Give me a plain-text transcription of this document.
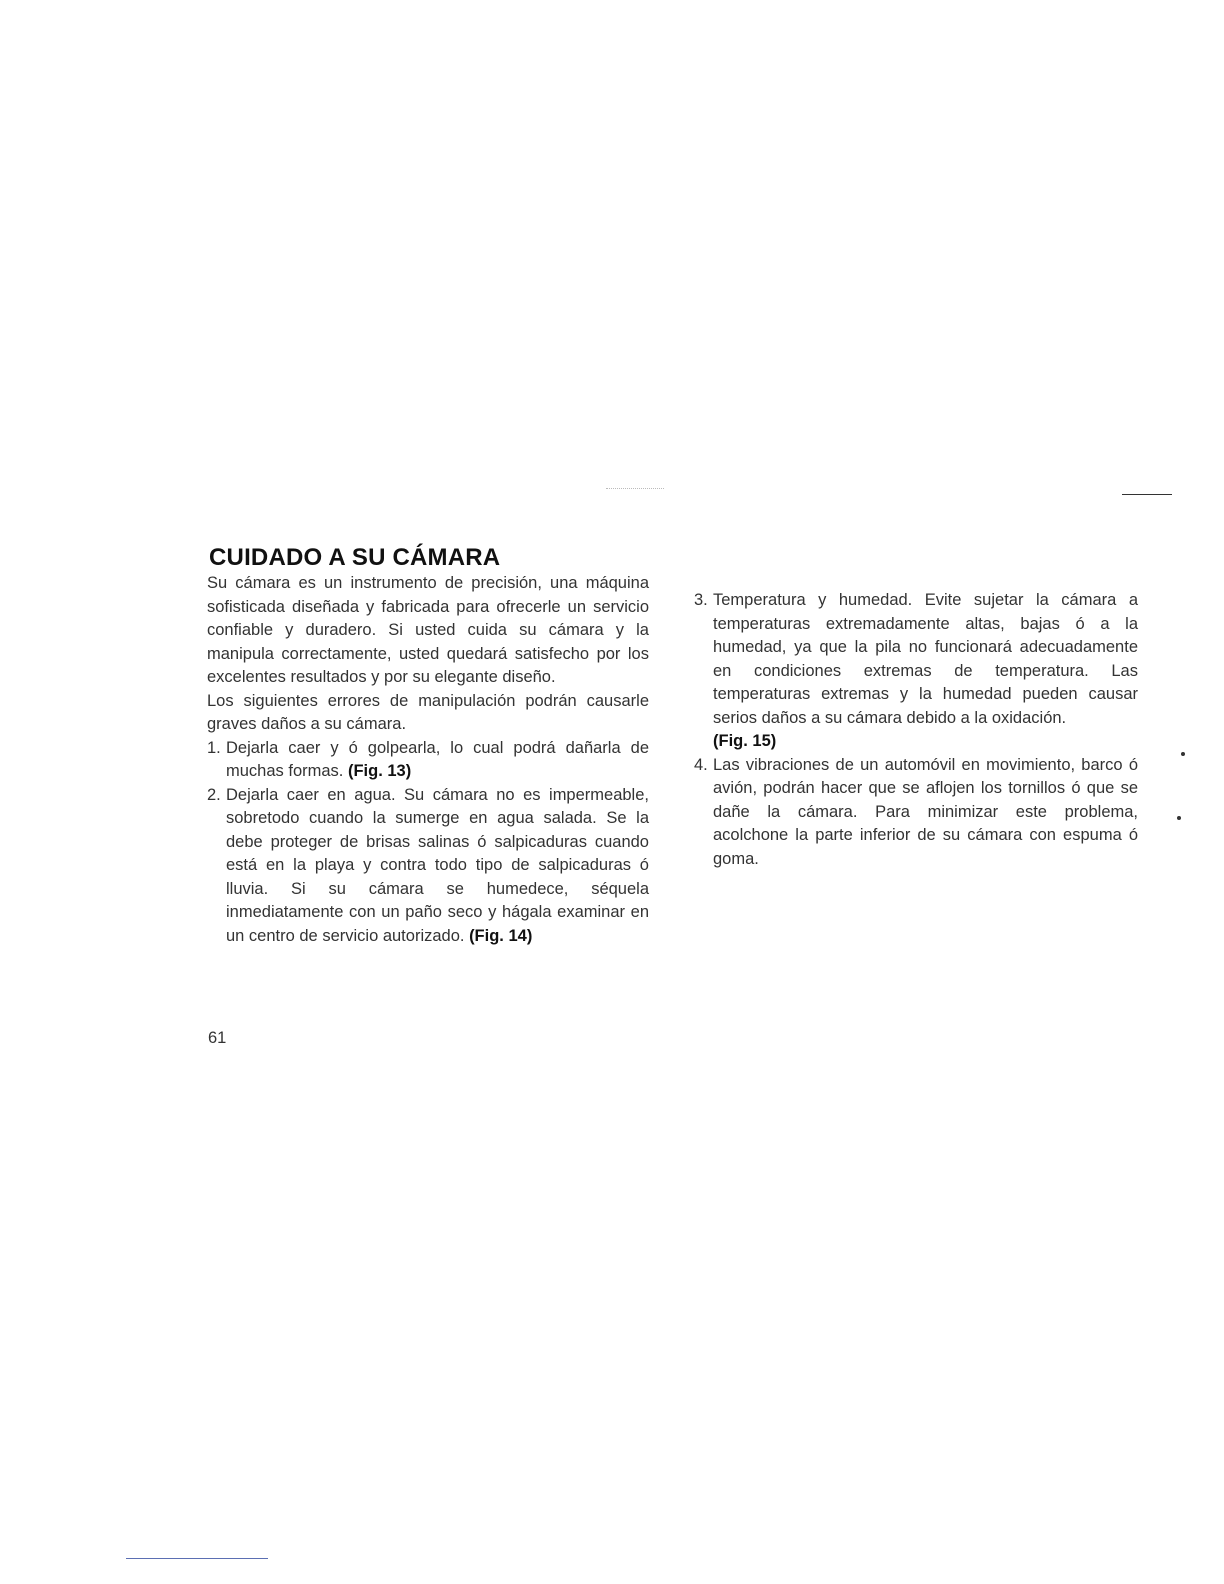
CUIDADO A SU CÁMARA

Su cámara es un instrumento de precisión, una máquina sofisticada diseñada y fabricada para ofrecerle un servicio confiable y duradero. Si usted cuida su cámara y la manipula correctamente, usted quedará satisfecho por los excelentes resultados y por su elegante diseño.

Los siguientes errores de manipulación podrán causarle graves daños a su cámara.

1. Dejarla caer y ó golpearla, lo cual podrá dañarla de muchas formas. (Fig. 13)
2. Dejarla caer en agua. Su cámara no es impermeable, sobretodo cuando la sumerge en agua salada. Se la debe proteger de brisas salinas ó salpicaduras cuando está en la playa y contra todo tipo de salpicaduras ó lluvia. Si su cámara se humedece, séquela inmediatamente con un paño seco y hágala examinar en un centro de servicio autorizado. (Fig. 14)
61
3. Temperatura y humedad. Evite sujetar la cámara a temperaturas extremadamente altas, bajas ó a la humedad, ya que la pila no funcionará adecuadamente en condiciones extremas de temperatura. Las temperaturas extremas y la humedad pueden causar serios daños a su cámara debido a la oxidación.
(Fig. 15)
4. Las vibraciones de un automóvil en movimiento, barco ó avión, podrán hacer que se aflojen los tornillos ó que se dañe la cámara. Para minimizar este problema, acolchone la parte inferior de su cámara con espuma ó goma.
